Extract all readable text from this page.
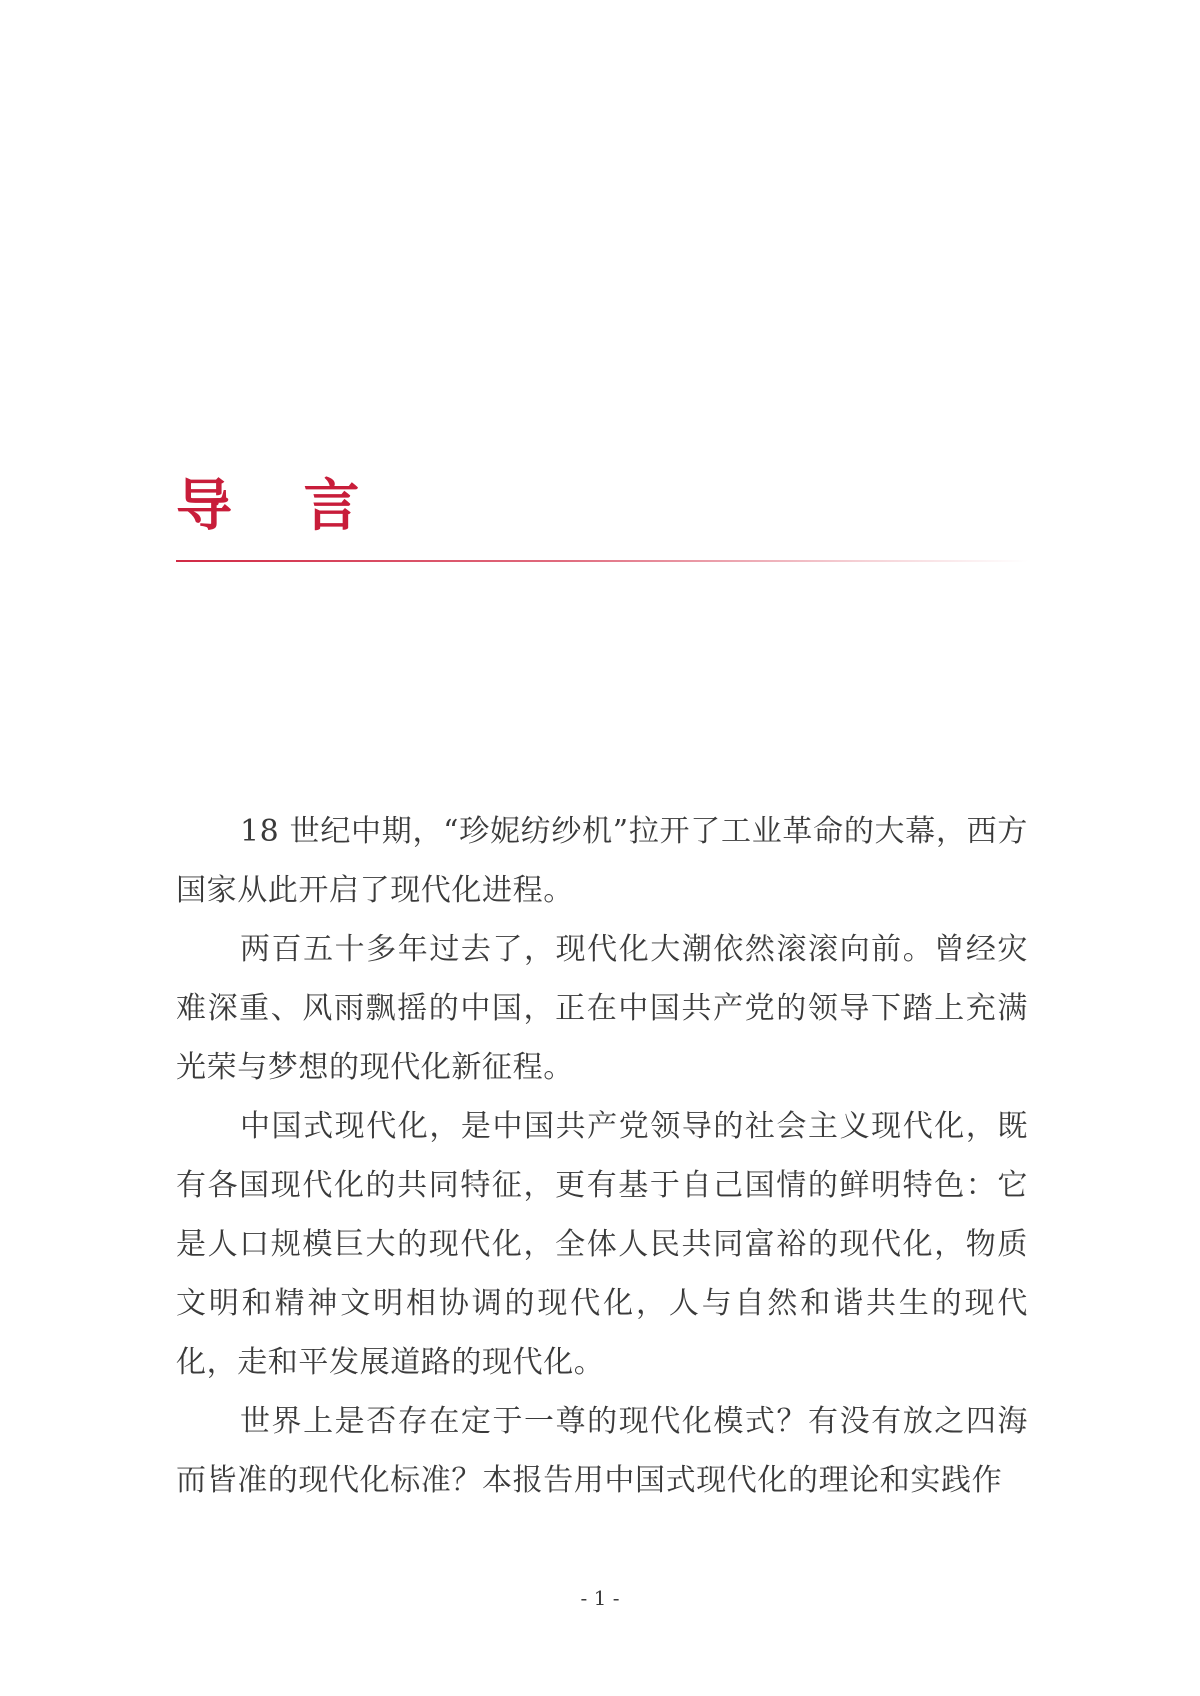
导 言

18 世纪中期，“珍妮纺纱机”拉开了工业革命的大幕，西方国家从此开启了现代化进程。

两百五十多年过去了，现代化大潮依然滚滚向前。曾经灾难深重、风雨飘摇的中国，正在中国共产党的领导下踏上充满光荣与梦想的现代化新征程。

中国式现代化，是中国共产党领导的社会主义现代化，既有各国现代化的共同特征，更有基于自己国情的鲜明特色：它是人口规模巨大的现代化，全体人民共同富裕的现代化，物质文明和精神文明相协调的现代化，人与自然和谐共生的现代化，走和平发展道路的现代化。

世界上是否存在定于一尊的现代化模式？有没有放之四海而皆准的现代化标准？本报告用中国式现代化的理论和实践作

- 1 -
